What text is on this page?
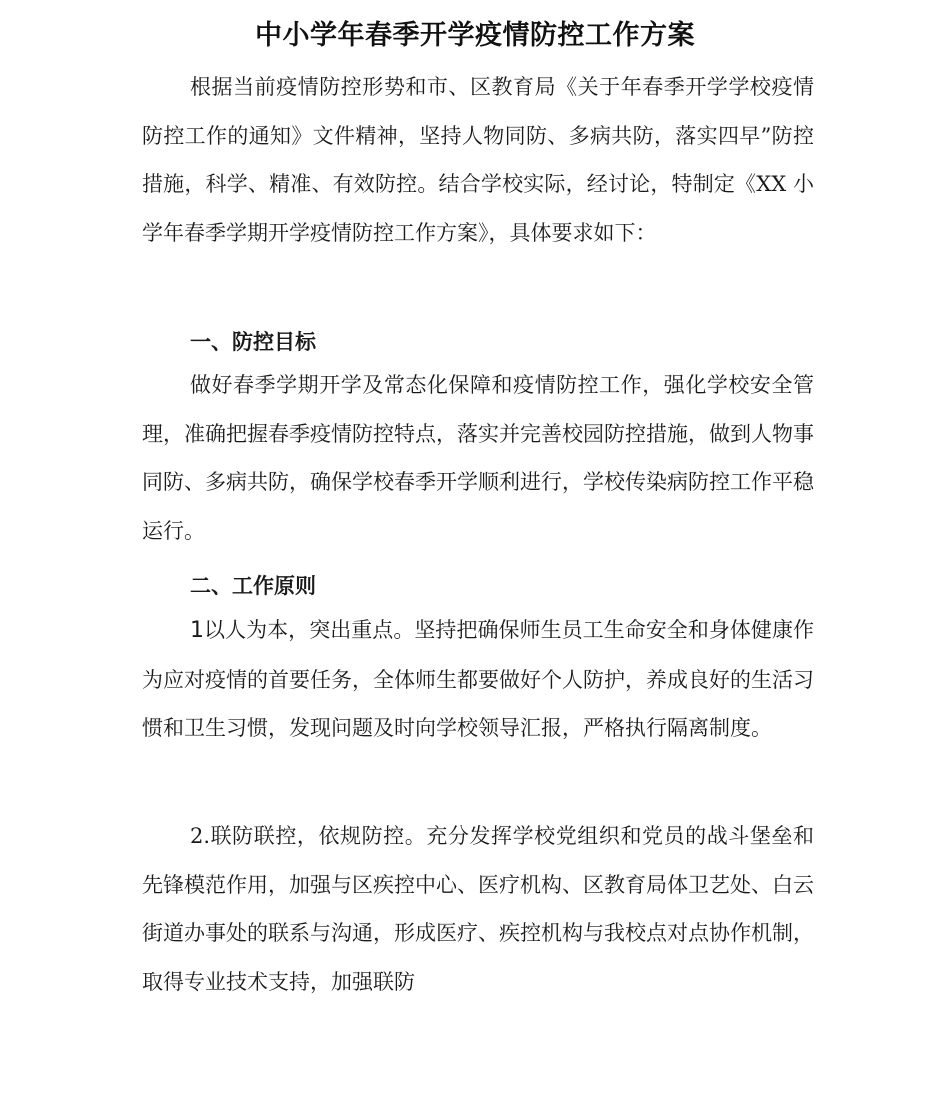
中小学年春季开学疫情防控工作方案

根据当前疫情防控形势和市、区教育局《关于年春季开学学校疫情防控工作的通知》文件精神，坚持人物同防、多病共防，落实四早”防控措施，科学、精准、有效防控。结合学校实际，经讨论，特制定《XX 小学年春季学期开学疫情防控工作方案》，具体要求如下：

一、防控目标

做好春季学期开学及常态化保障和疫情防控工作，强化学校安全管理，准确把握春季疫情防控特点，落实并完善校园防控措施，做到人物事同防、多病共防，确保学校春季开学顺利进行，学校传染病防控工作平稳运行。

二、工作原则

1以人为本，突出重点。坚持把确保师生员工生命安全和身体健康作为应对疫情的首要任务，全体师生都要做好个人防护，养成良好的生活习惯和卫生习惯，发现问题及时向学校领导汇报，严格执行隔离制度。

2.联防联控，依规防控。充分发挥学校党组织和党员的战斗堡垒和先锋模范作用，加强与区疾控中心、医疗机构、区教育局体卫艺处、白云街道办事处的联系与沟通，形成医疗、疾控机构与我校点对点协作机制，取得专业技术支持，加强联防
